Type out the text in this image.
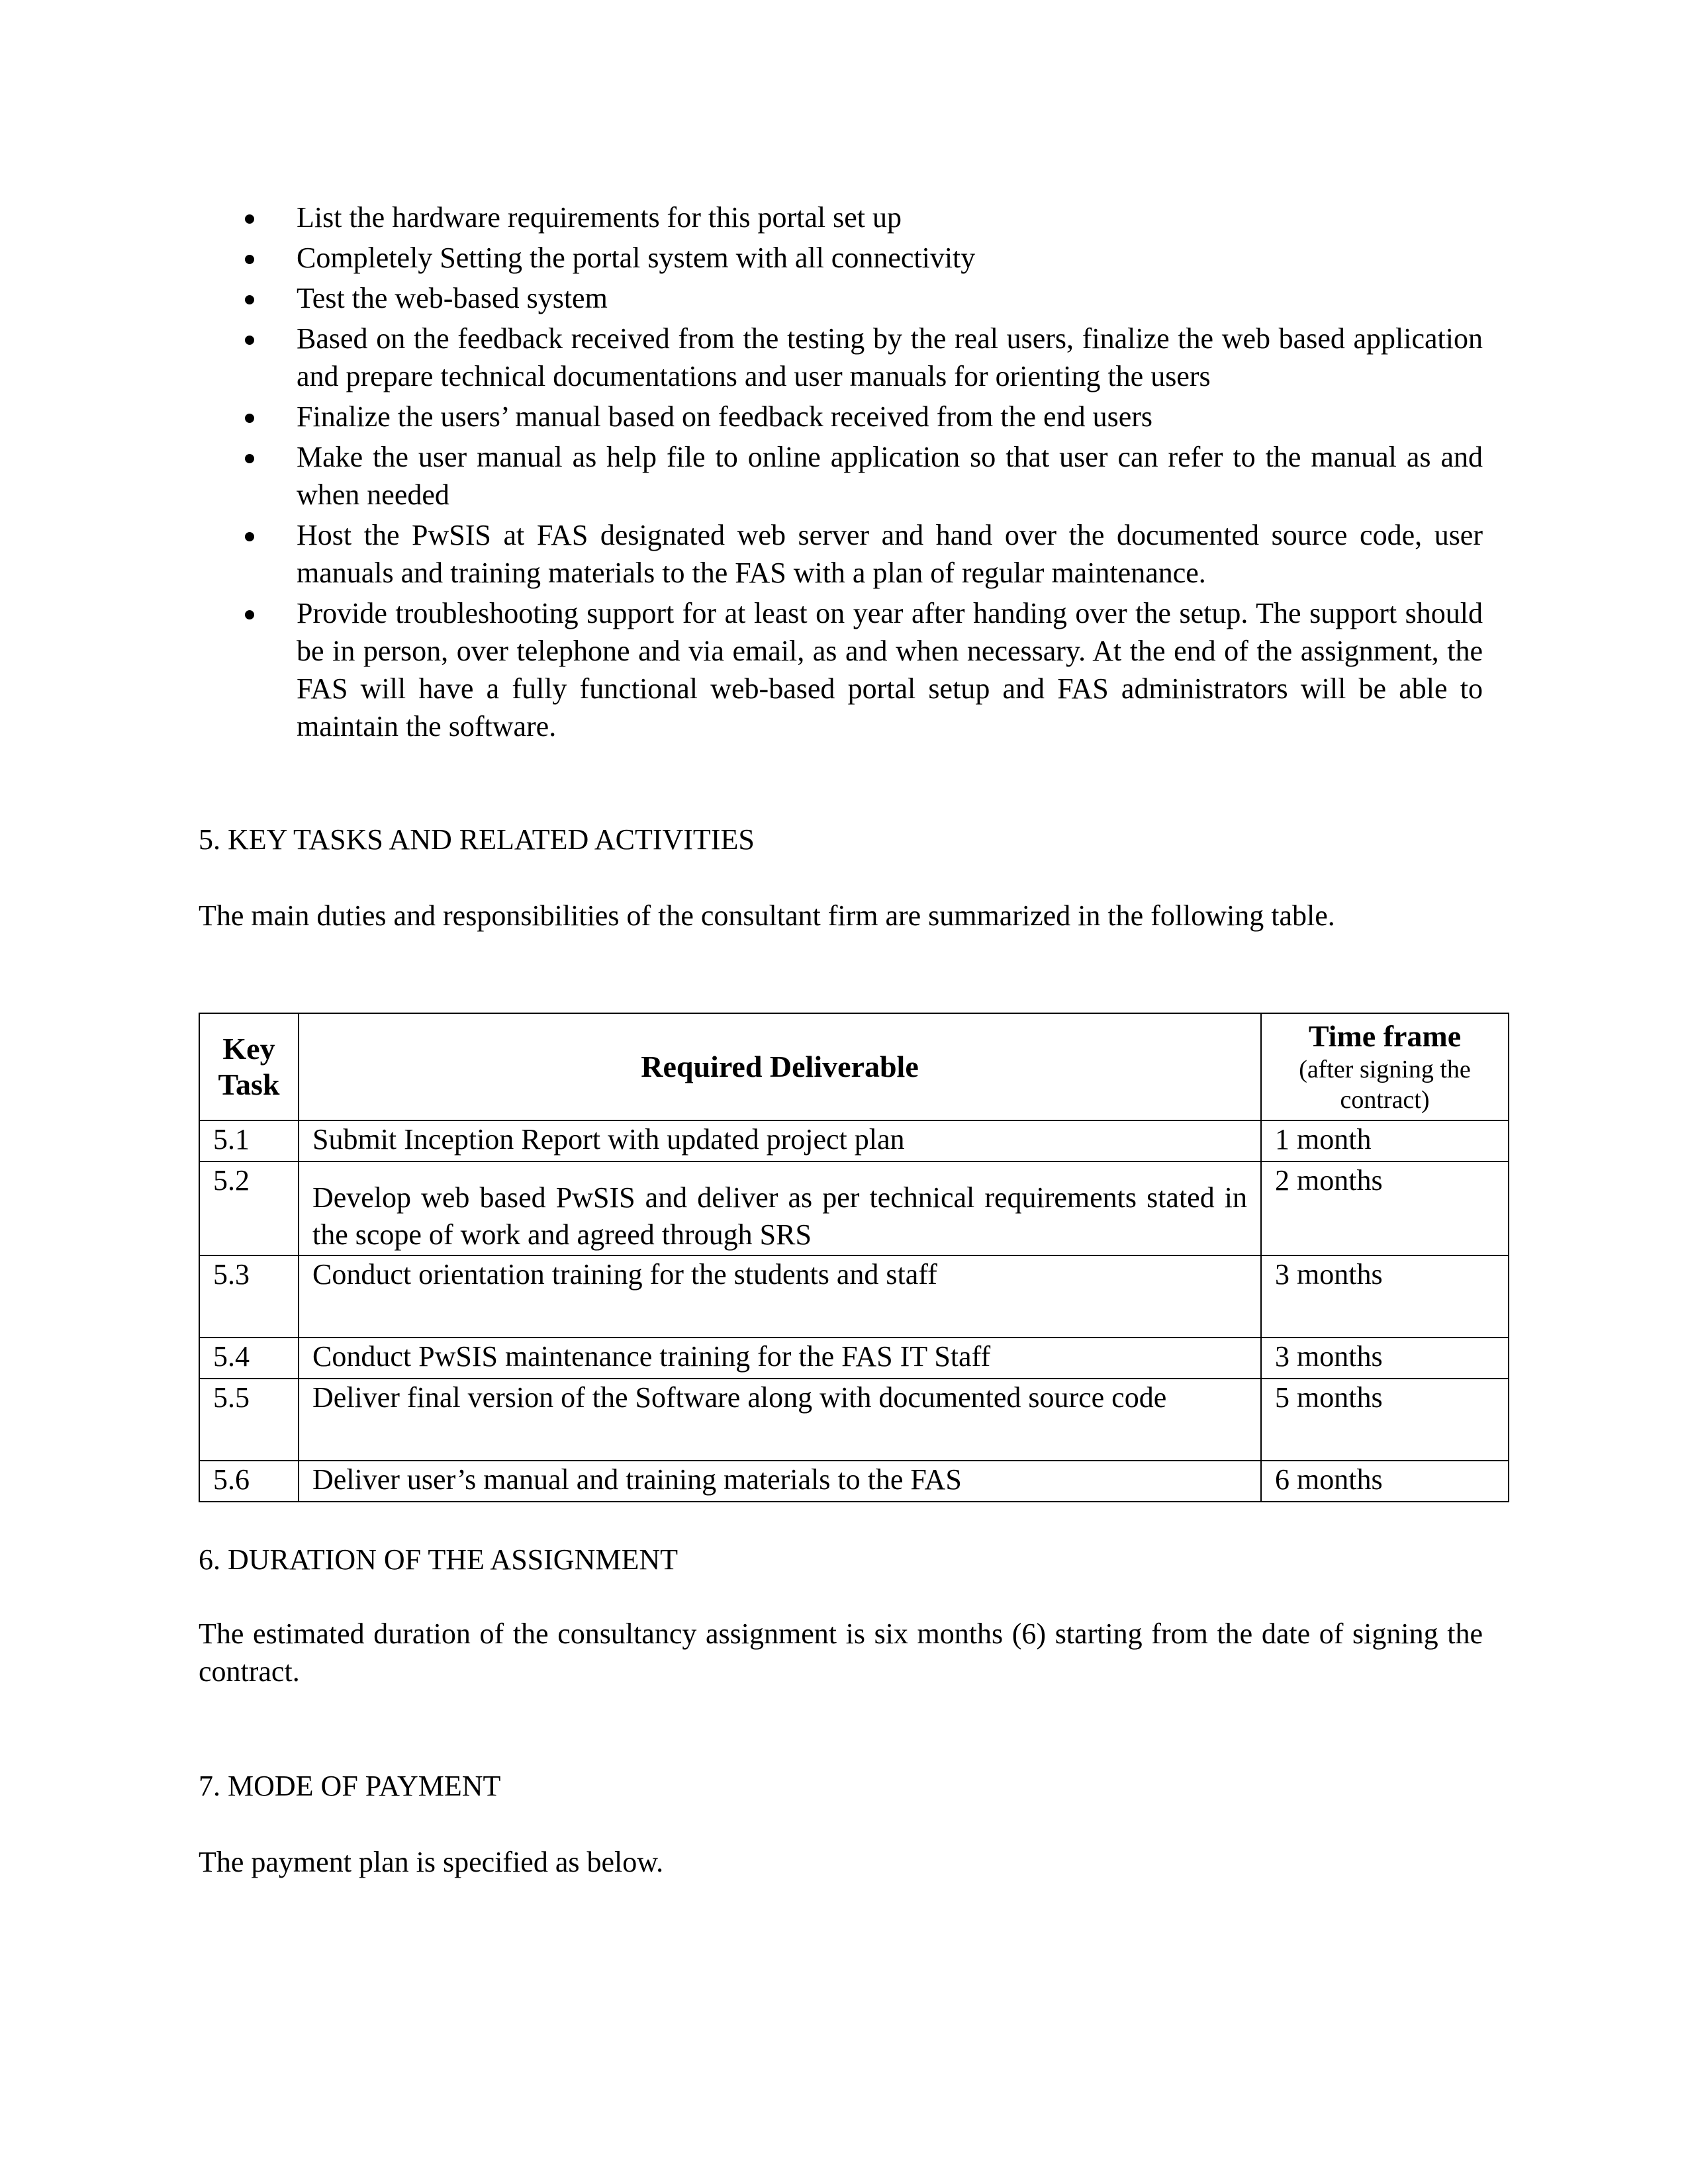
List the hardware requirements for this portal set up
Completely Setting the portal system with all connectivity
Test the web-based system
Based on the feedback received from the testing by the real users, finalize the web based application and prepare technical documentations and user manuals for orienting the users
Finalize the users’ manual based on feedback received from the end users
Make the user manual as help file to online application so that user can refer to the manual as and when needed
Host the PwSIS at FAS designated web server and hand over the documented source code, user manuals and training materials to the FAS with a plan of regular maintenance.
Provide troubleshooting support for at least on year after handing over the setup. The support should be in person, over telephone and via email, as and when necessary. At the end of the assignment, the FAS will have a fully functional web-based portal setup and FAS administrators will be able to maintain the software.
5. KEY TASKS AND RELATED ACTIVITIES
The main duties and responsibilities of the consultant firm are summarized in the following table.
Key Task	Required Deliverable	Time frame
(after signing the contract)

5.1	Submit Inception Report with updated project plan	1 month
5.2	Develop web based PwSIS and deliver as per technical requirements stated in the scope of work and agreed through SRS	2 months
5.3	Conduct orientation training for the students and staff	3 months
5.4	Conduct PwSIS maintenance training for the FAS IT Staff	3 months
5.5	Deliver final version of the Software along with documented source code	5 months
5.6	Deliver user’s manual and training materials to the FAS	6 months
6. DURATION OF THE ASSIGNMENT
The estimated duration of the consultancy assignment is six months (6) starting from the date of signing the contract.
7. MODE OF PAYMENT
The payment plan is specified as below.
